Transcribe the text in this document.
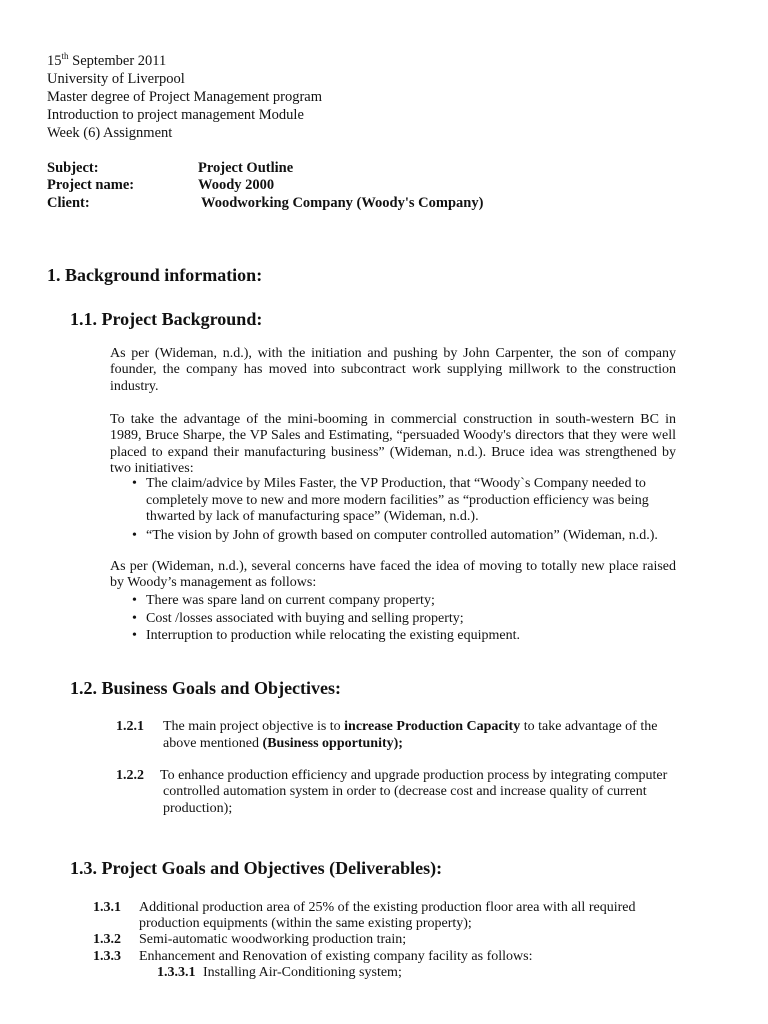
15th September 2011
University of Liverpool
Master degree of Project Management program
Introduction to project management Module
Week (6) Assignment
Subject:	Project Outline
Project name:	Woody 2000
Client:	Woodworking Company (Woody's Company)
1. Background information:
1.1. Project Background:
As per (Wideman, n.d.), with the initiation and pushing by John Carpenter, the son of company founder, the company has moved into subcontract work supplying millwork to the construction industry.
To take the advantage of the mini-booming in commercial construction in south-western BC in 1989, Bruce Sharpe, the VP Sales and Estimating, “persuaded Woody's directors that they were well placed to expand their manufacturing business” (Wideman, n.d.). Bruce idea was strengthened by two initiatives:
• The claim/advice by Miles Faster, the VP Production, that “Woody`s Company needed to completely move to new and more modern facilities” as “production efficiency was being thwarted by lack of manufacturing space” (Wideman, n.d.).
• “The vision by John of growth based on computer controlled automation” (Wideman, n.d.).
As per (Wideman, n.d.), several concerns have faced the idea of moving to totally new place raised by Woody’s management as follows:
• There was spare land on current company property;
• Cost /losses associated with buying and selling property;
• Interruption to production while relocating the existing equipment.
1.2. Business Goals and Objectives:
1.2.1 The main project objective is to increase Production Capacity to take advantage of the
above mentioned (Business opportunity);
1.2.2 To enhance production efficiency and upgrade production process by integrating computer
controlled automation system in order to (decrease cost and increase quality of current
production);
1.3. Project Goals and Objectives (Deliverables):
1.3.1 Additional production area of 25% of the existing production floor area with all required
production equipments (within the same existing property);
1.3.2 Semi-automatic woodworking production train;
1.3.3 Enhancement and Renovation of existing company facility as follows:
1.3.3.1 Installing Air-Conditioning system;
